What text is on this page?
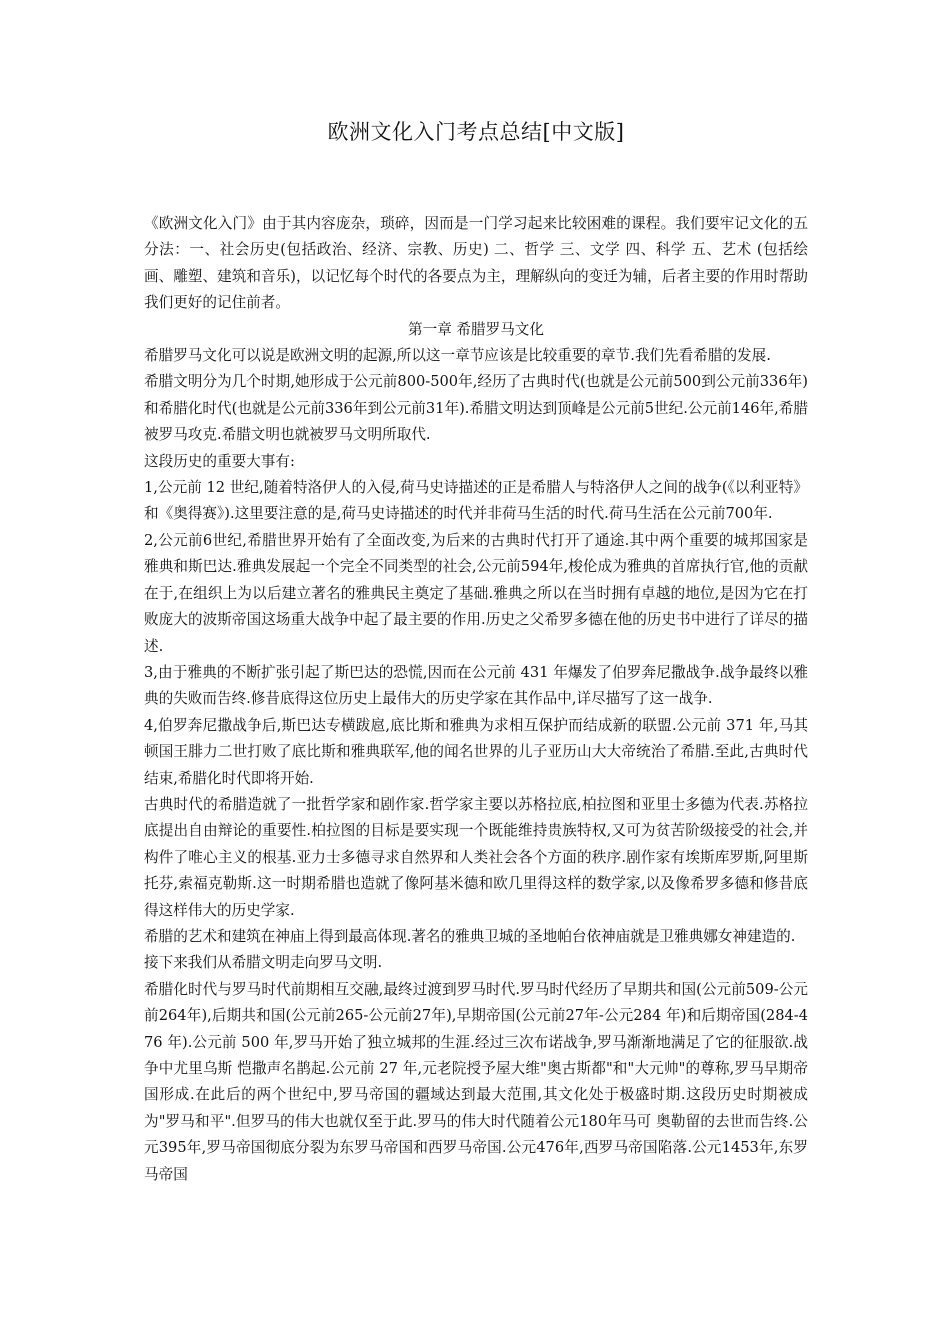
欧洲文化入门考点总结[中文版]

《欧洲文化入门》由于其内容庞杂，琐碎，因而是一门学习起来比较困难的课程。我们要牢记文化的五分法：一、社会历史(包括政治、经济、宗教、历史) 二、哲学 三、文学 四、科学 五、艺术 (包括绘画、雕塑、建筑和音乐)，以记忆每个时代的各要点为主，理解纵向的变迁为辅，后者主要的作用时帮助我们更好的记住前者。

第一章 希腊罗马文化

希腊罗马文化可以说是欧洲文明的起源,所以这一章节应该是比较重要的章节.我们先看希腊的发展.

希腊文明分为几个时期,她形成于公元前800-500年,经历了古典时代(也就是公元前500到公元前336年)和希腊化时代(也就是公元前336年到公元前31年).希腊文明达到顶峰是公元前5世纪.公元前146年,希腊被罗马攻克.希腊文明也就被罗马文明所取代.

这段历史的重要大事有:

1,公元前 12 世纪,随着特洛伊人的入侵,荷马史诗描述的正是希腊人与特洛伊人之间的战争(《以利亚特》和《奥得赛》).这里要注意的是,荷马史诗描述的时代并非荷马生活的时代.荷马生活在公元前700年.

2,公元前6世纪,希腊世界开始有了全面改变,为后来的古典时代打开了通途.其中两个重要的城邦国家是雅典和斯巴达.雅典发展起一个完全不同类型的社会,公元前594年,梭伦成为雅典的首席执行官,他的贡献在于,在组织上为以后建立著名的雅典民主奠定了基础.雅典之所以在当时拥有卓越的地位,是因为它在打败庞大的波斯帝国这场重大战争中起了最主要的作用.历史之父希罗多德在他的历史书中进行了详尽的描述.

3,由于雅典的不断扩张引起了斯巴达的恐慌,因而在公元前 431 年爆发了伯罗奔尼撒战争.战争最终以雅典的失败而告终.修昔底得这位历史上最伟大的历史学家在其作品中,详尽描写了这一战争.

4,伯罗奔尼撒战争后,斯巴达专横跋扈,底比斯和雅典为求相互保护而结成新的联盟.公元前 371 年,马其顿国王腓力二世打败了底比斯和雅典联军,他的闻名世界的儿子亚历山大大帝统治了希腊.至此,古典时代结束,希腊化时代即将开始.

古典时代的希腊造就了一批哲学家和剧作家.哲学家主要以苏格拉底,柏拉图和亚里士多德为代表.苏格拉底提出自由辩论的重要性.柏拉图的目标是要实现一个既能维持贵族特权,又可为贫苦阶级接受的社会,并构件了唯心主义的根基.亚力士多德寻求自然界和人类社会各个方面的秩序.剧作家有埃斯库罗斯,阿里斯托芬,索福克勒斯.这一时期希腊也造就了像阿基米德和欧几里得这样的数学家,以及像希罗多德和修昔底得这样伟大的历史学家.

希腊的艺术和建筑在神庙上得到最高体现.著名的雅典卫城的圣地帕台依神庙就是卫雅典娜女神建造的.

接下来我们从希腊文明走向罗马文明.

希腊化时代与罗马时代前期相互交融,最终过渡到罗马时代.罗马时代经历了早期共和国(公元前509-公元前264年),后期共和国(公元前265-公元前27年),早期帝国(公元前27年-公元284 年)和后期帝国(284-476 年).公元前 500 年,罗马开始了独立城邦的生涯.经过三次布诺战争,罗马渐渐地满足了它的征服欲.战争中尤里乌斯 恺撒声名鹊起.公元前 27 年,元老院授予屋大维"奥古斯都"和"大元帅"的尊称,罗马早期帝国形成.在此后的两个世纪中,罗马帝国的疆域达到最大范围,其文化处于极盛时期.这段历史时期被成为"罗马和平".但罗马的伟大也就仅至于此.罗马的伟大时代随着公元180年马可 奥勒留的去世而告终.公元395年,罗马帝国彻底分裂为东罗马帝国和西罗马帝国.公元476年,西罗马帝国陷落.公元1453年,东罗马帝国
